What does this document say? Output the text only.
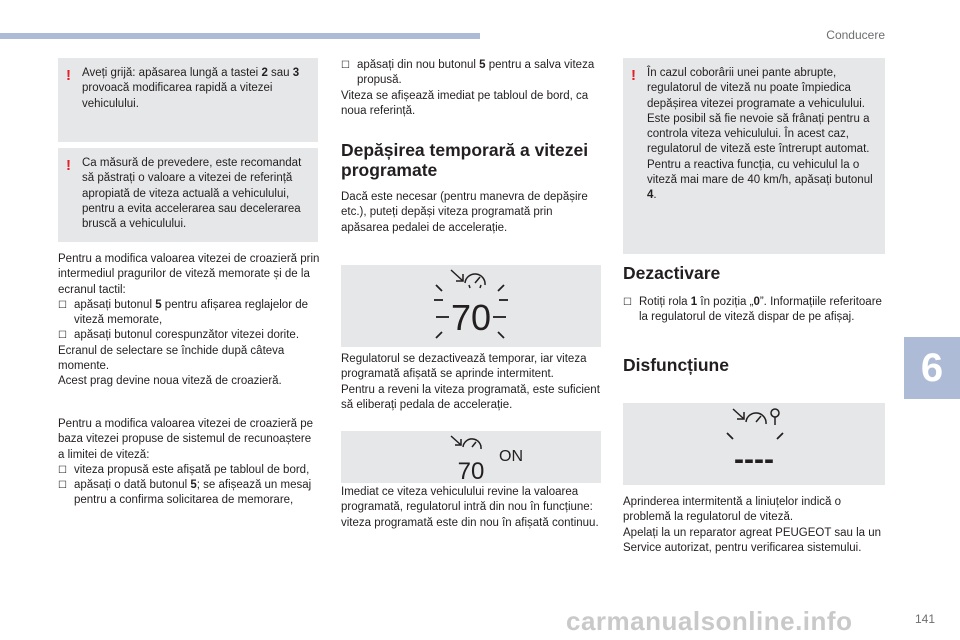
Conducere
6
141
carmanualsonline.info
! Aveți grijă: apăsarea lungă a tastei 2 sau 3 provoacă modificarea rapidă a vitezei vehiculului.
! Ca măsură de prevedere, este recomandat să păstrați o valoare a vitezei de referință apropiată de viteza actuală a vehiculului, pentru a evita accelerarea sau decelerarea bruscă a vehiculului.

Pentru a modifica valoarea vitezei de croazieră prin intermediul pragurilor de viteză memorate și de la ecranul tactil:

☐ apăsați butonul 5 pentru afișarea reglajelor de viteză memorate,

☐ apăsați butonul corespunzător vitezei dorite.

Ecranul de selectare se închide după câteva momente.
Acest prag devine noua viteză de croazieră.

Pentru a modifica valoarea vitezei de croazieră pe baza vitezei propuse de sistemul de recunoaștere a limitei de viteză:

☐ viteza propusă este afișată pe tabloul de bord,

☐ apăsați o dată butonul 5; se afișează un mesaj pentru a confirma solicitarea de memorare,

☐ apăsați din nou butonul 5 pentru a salva viteza propusă.

Viteza se afișează imediat pe tabloul de bord, ca noua referință.

Depășirea temporară a vitezei programate
Dacă este necesar (pentru manevra de depășire etc.), puteți depăși viteza programată prin apăsarea pedalei de accelerație.
70
Regulatorul se dezactivează temporar, iar viteza programată afișată se aprinde intermitent.
Pentru a reveni la viteza programată, este suficient să eliberați pedala de accelerație.
70
ON
Imediat ce viteza vehiculului revine la valoarea programată, regulatorul intră din nou în funcțiune: viteza programată este din nou în afișată continuu.
! În cazul coborârii unei pante abrupte, regulatorul de viteză nu poate împiedica depășirea vitezei programate a vehiculului.
Este posibil să fie nevoie să frânați pentru a controla viteza vehiculului. În acest caz, regulatorul de viteză este întrerupt automat.
Pentru a reactiva funcția, cu vehiculul la o viteză mai mare de 40 km/h, apăsați butonul 4.
Dezactivare

☐ Rotiți rola 1 în poziția „0”. Informațiile referitoare la regulatorul de viteză dispar de pe afișaj.

Disfuncțiune
----
Aprinderea intermitentă a liniuțelor indică o problemă la regulatorul de viteză.
Apelați la un reparator agreat PEUGEOT sau la un Service autorizat, pentru verificarea sistemului.
